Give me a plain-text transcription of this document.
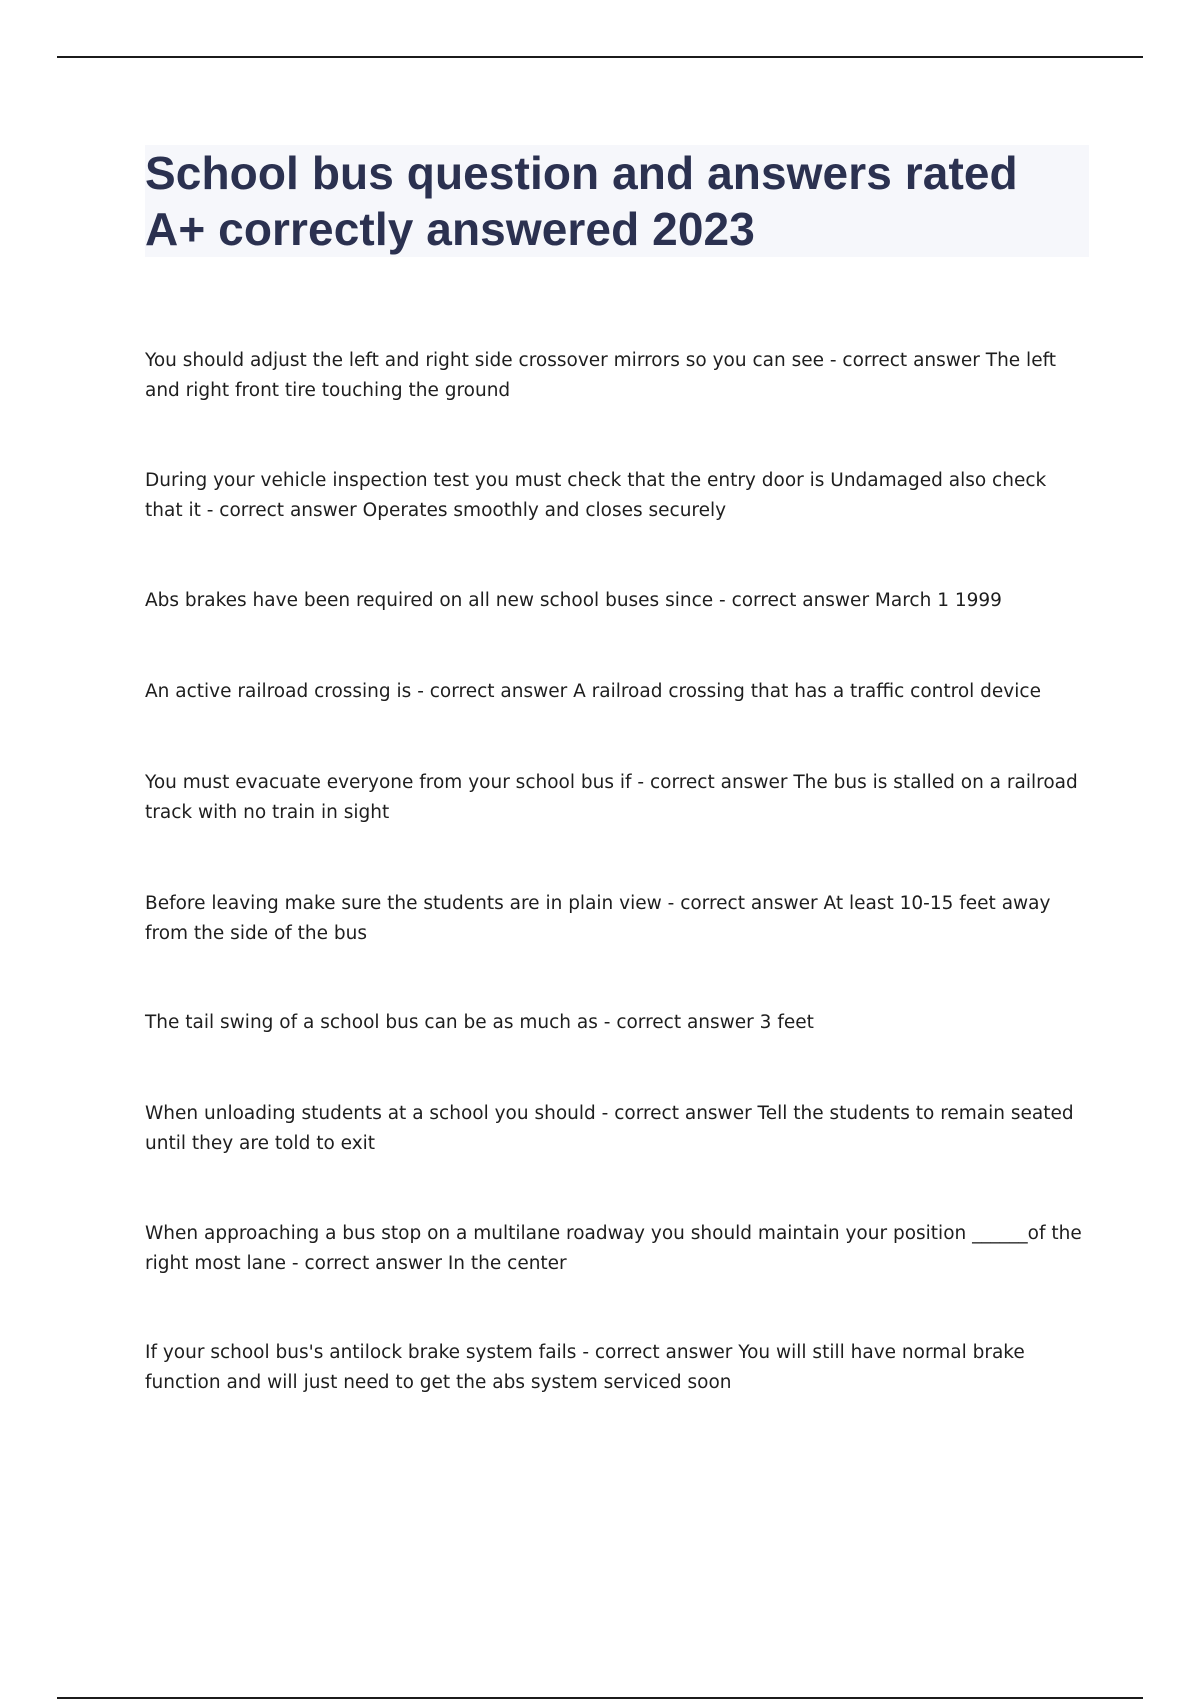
School bus question and answers rated A+ correctly answered 2023

You should adjust the left and right side crossover mirrors so you can see - correct answer The left and right front tire touching the ground

During your vehicle inspection test you must check that the entry door is Undamaged also check that it - correct answer Operates smoothly and closes securely

Abs brakes have been required on all new school buses since - correct answer March 1 1999

An active railroad crossing is - correct answer A railroad crossing that has a traffic control device

You must evacuate everyone from your school bus if - correct answer The bus is stalled on a railroad track with no train in sight

Before leaving make sure the students are in plain view - correct answer At least 10-15 feet away from the side of the bus

The tail swing of a school bus can be as much as - correct answer 3 feet

When unloading students at a school you should - correct answer Tell the students to remain seated until they are told to exit

When approaching a bus stop on a multilane roadway you should maintain your position ______of the right most lane - correct answer In the center

If your school bus's antilock brake system fails - correct answer You will still have normal brake function and will just need to get the abs system serviced soon
